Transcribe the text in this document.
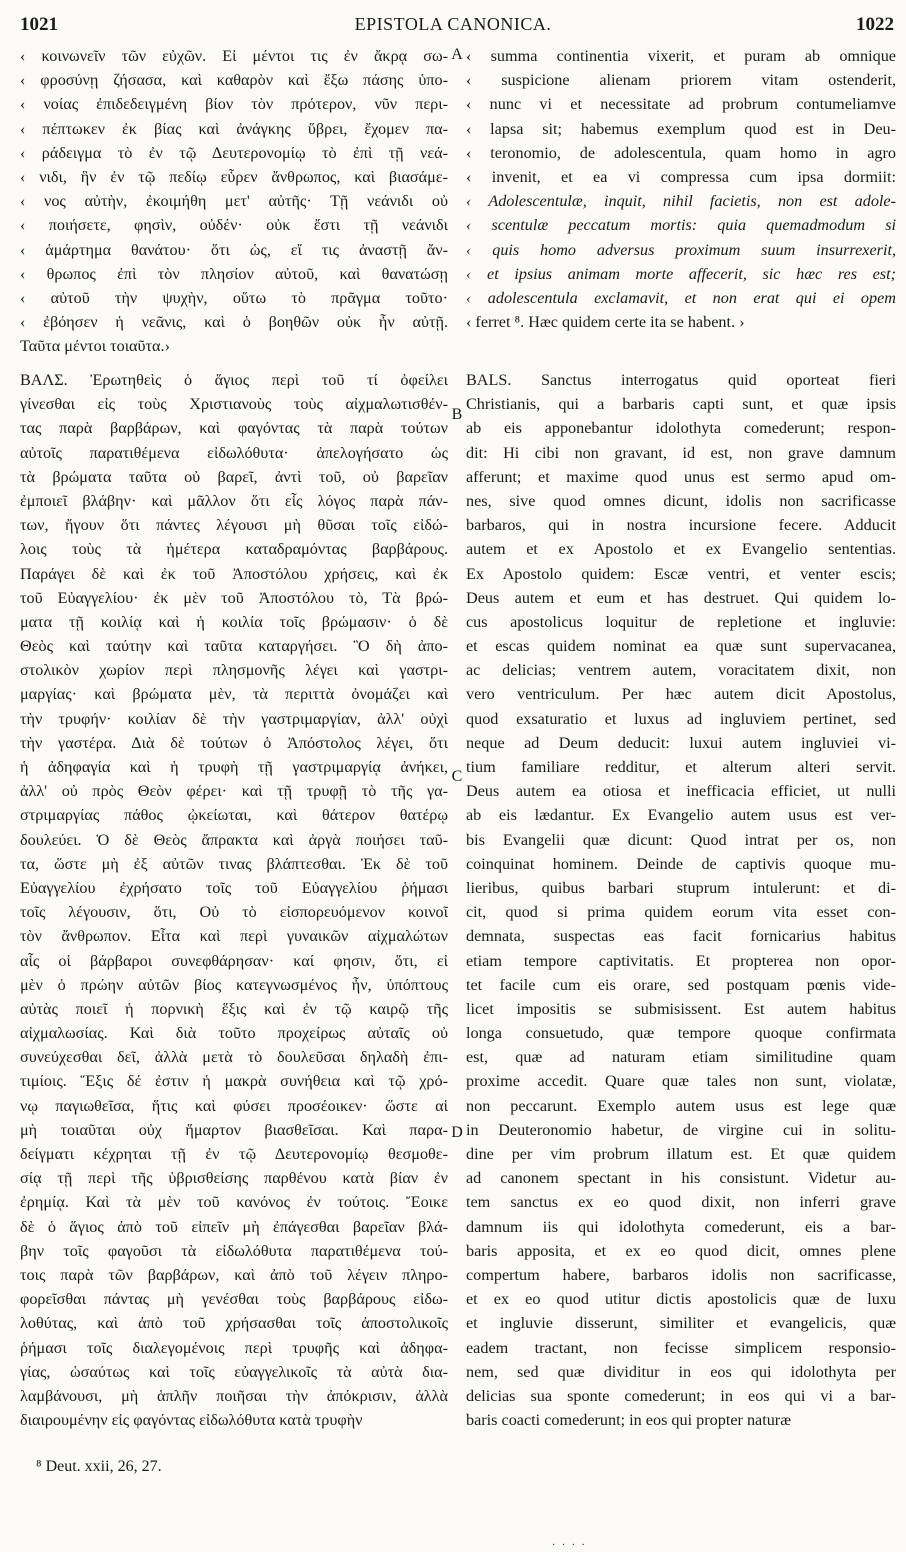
1021	EPISTOLA CANONICA.	1022
‹ κοινωνεῖν τῶν εὐχῶν. Εἰ μέντοι τις ἐν ἄκρᾳ σω-
‹ φροσύνῃ ζήσασα, καὶ καθαρὸν καὶ ἔξω πάσης ὑπο-
‹ νοίας ἐπιδεδειγμένη βίον τὸν πρότερον, νῦν περι-
‹ πέπτωκεν ἐκ βίας καὶ ἀνάγκης ὕβρει, ἔχομεν πα-
‹ ράδειγμα τὸ ἐν τῷ Δευτερονομίῳ τὸ ἐπὶ τῇ νεά-
‹ νιδι, ἣν ἐν τῷ πεδίῳ εὗρεν ἄνθρωπος, καὶ βιασάμε-
‹ νος αὐτὴν, ἐκοιμήθη μετ' αὐτῆς· Τῇ νεάνιδι οὐ
‹ ποιήσετε, φησὶν, οὐδέν· οὐκ ἔστι τῇ νεάνιδι
‹ ἁμάρτημα θανάτου· ὅτι ὡς, εἴ τις ἀναστῇ ἄν-
‹ θρωπος ἐπὶ τὸν πλησίον αὐτοῦ, καὶ θανατώσῃ
‹ αὐτοῦ τὴν ψυχὴν, οὕτω τὸ πρᾶγμα τοῦτο·
‹ ἐβόησεν ἡ νεᾶνις, καὶ ὁ βοηθῶν οὐκ ἦν αὐτῇ.
Ταῦτα μέντοι τοιαῦτα.›
ΒΑΛΣ. Ἐρωτηθεὶς ὁ ἅγιος περὶ τοῦ τί ὀφείλει
γίνεσθαι εἰς τοὺς Χριστιανοὺς τοὺς αἰχμαλωτισθέν-
τας παρὰ βαρβάρων, καὶ φαγόντας τὰ παρὰ τούτων
αὐτοῖς παρατιθέμενα εἰδωλόθυτα· ἀπελογήσατο ὡς
τὰ βρώματα ταῦτα οὐ βαρεῖ, ἀντὶ τοῦ, οὐ βαρεῖαν
ἐμποιεῖ βλάβην· καὶ μᾶλλον ὅτι εἷς λόγος παρὰ πάν-
των, ἤγουν ὅτι πάντες λέγουσι μὴ θῦσαι τοῖς εἰδώ-
λοις τοὺς τὰ ἡμέτερα καταδραμόντας βαρβάρους.
Παράγει δὲ καὶ ἐκ τοῦ Ἀποστόλου χρήσεις, καὶ ἐκ
τοῦ Εὐαγγελίου· ἐκ μὲν τοῦ Ἀποστόλου τὸ, Τὰ βρώ-
ματα τῇ κοιλίᾳ καὶ ἡ κοιλία τοῖς βρώμασιν· ὁ δὲ
Θεὸς καὶ ταύτην καὶ ταῦτα καταργήσει. Ὃ δὴ ἀπο-
στολικὸν χωρίον περὶ πλησμονῆς λέγει καὶ γαστρι-
μαργίας· καὶ βρώματα μὲν, τὰ περιττὰ ὀνομάζει καὶ
τὴν τρυφήν· κοιλίαν δὲ τὴν γαστριμαργίαν, ἀλλ' οὐχὶ
τὴν γαστέρα. Διὰ δὲ τούτων ὁ Ἀπόστολος λέγει, ὅτι
ἡ ἀδηφαγία καὶ ἡ τρυφὴ τῇ γαστριμαργίᾳ ἀνήκει,
ἀλλ' οὐ πρὸς Θεὸν φέρει· καὶ τῇ τρυφῇ τὸ τῆς γα-
στριμαργίας πάθος ᾠκείωται, καὶ θάτερον θατέρῳ
δουλεύει. Ὁ δὲ Θεὸς ἄπρακτα καὶ ἀργὰ ποιήσει ταῦ-
τα, ὥστε μὴ ἐξ αὐτῶν τινας βλάπτεσθαι. Ἐκ δὲ τοῦ
Εὐαγγελίου ἐχρήσατο τοῖς τοῦ Εὐαγγελίου ῥήμασι
τοῖς λέγουσιν, ὅτι, Οὐ τὸ εἰσπορευόμενον κοινοῖ
τὸν ἄνθρωπον. Εἶτα καὶ περὶ γυναικῶν αἰχμαλώτων
αἷς οἱ βάρβαροι συνεφθάρησαν· καί φησιν, ὅτι, εἰ
μὲν ὁ πρώην αὐτῶν βίος κατεγνωσμένος ἦν, ὑπόπτους
αὐτὰς ποιεῖ ἡ πορνικὴ ἕξις καὶ ἐν τῷ καιρῷ τῆς
αἰχμαλωσίας. Καὶ διὰ τοῦτο προχείρως αὐταῖς οὐ
συνεύχεσθαι δεῖ, ἀλλὰ μετὰ τὸ δουλεῦσαι δηλαδὴ ἐπι-
τιμίοις. Ἕξις δέ ἐστιν ἡ μακρὰ συνήθεια καὶ τῷ χρό-
νῳ παγιωθεῖσα, ἥτις καὶ φύσει προσέοικεν· ὥστε αἱ
μὴ τοιαῦται οὐχ ἥμαρτον βιασθεῖσαι. Καὶ παρα-
δείγματι κέχρηται τῇ ἐν τῷ Δευτερονομίῳ θεσμοθε-
σίᾳ τῇ περὶ τῆς ὑβρισθείσης παρθένου κατὰ βίαν ἐν
ἐρημίᾳ. Καὶ τὰ μὲν τοῦ κανόνος ἐν τούτοις. Ἔοικε
δὲ ὁ ἅγιος ἀπὸ τοῦ εἰπεῖν μὴ ἐπάγεσθαι βαρεῖαν βλά-
βην τοῖς φαγοῦσι τὰ εἰδωλόθυτα παρατιθέμενα τού-
τοις παρὰ τῶν βαρβάρων, καὶ ἀπὸ τοῦ λέγειν πληρο-
φορεῖσθαι πάντας μὴ γενέσθαι τοὺς βαρβάρους εἰδω-
λοθύτας, καὶ ἀπὸ τοῦ χρήσασθαι τοῖς ἀποστολικοῖς
ῥήμασι τοῖς διαλεγομένοις περὶ τρυφῆς καὶ ἀδηφα-
γίας, ὡσαύτως καὶ τοῖς εὐαγγελικοῖς τὰ αὐτὰ δια-
λαμβάνουσι, μὴ ἁπλῆν ποιῆσαι τὴν ἀπόκρισιν, ἀλλὰ
διαιρουμένην εἰς φαγόντας εἰδωλόθυτα κατὰ τρυφὴν
‹ summa continentia vixerit, et puram ab omnique
‹ suspicione alienam priorem vitam ostenderit,
‹ nunc vi et necessitate ad probrum contumeliamve
‹ lapsa sit; habemus exemplum quod est in Deu-
‹ teronomio, de adolescentula, quam homo in agro
‹ invenit, et ea vi compressa cum ipsa dormiit:
‹ Adolescentulæ, inquit, nihil facietis, non est adole-
‹ scentulæ peccatum mortis: quia quemadmodum si
‹ quis homo adversus proximum suum insurrexerit,
‹ et ipsius animam morte affecerit, sic hæc res est;
‹ adolescentula exclamavit, et non erat qui ei opem
‹ ferret ⁸. Hæc quidem certe ita se habent. ›
BALS. Sanctus interrogatus quid oporteat fieri
Christianis, qui a barbaris capti sunt, et quæ ipsis
ab eis apponebantur idolothyta comederunt; respon-
dit: Hi cibi non gravant, id est, non grave damnum
afferunt; et maxime quod unus est sermo apud om-
nes, sive quod omnes dicunt, idolis non sacrificasse
barbaros, qui in nostra incursione fecere. Adducit
autem et ex Apostolo et ex Evangelio sententias.
Ex Apostolo quidem: Escæ ventri, et venter escis;
Deus autem et eum et has destruet. Qui quidem lo-
cus apostolicus loquitur de repletione et ingluvie:
et escas quidem nominat ea quæ sunt supervacanea,
ac delicias; ventrem autem, voracitatem dixit, non
vero ventriculum. Per hæc autem dicit Apostolus,
quod exsaturatio et luxus ad ingluviem pertinet, sed
neque ad Deum deducit: luxui autem ingluviei vi-
tium familiare redditur, et alterum alteri servit.
Deus autem ea otiosa et inefficacia efficiet, ut nulli
ab eis lædantur. Ex Evangelio autem usus est ver-
bis Evangelii quæ dicunt: Quod intrat per os, non
coinquinat hominem. Deinde de captivis quoque mu-
lieribus, quibus barbari stuprum intulerunt: et di-
cit, quod si prima quidem eorum vita esset con-
demnata, suspectas eas facit fornicarius habitus
etiam tempore captivitatis. Et propterea non opor-
tet facile cum eis orare, sed postquam pœnis vide-
licet impositis se submisissent. Est autem habitus
longa consuetudo, quæ tempore quoque confirmata
est, quæ ad naturam etiam similitudine quam
proxime accedit. Quare quæ tales non sunt, violatæ,
non peccarunt. Exemplo autem usus est lege quæ
in Deuteronomio habetur, de virgine cui in solitu-
dine per vim probrum illatum est. Et quæ quidem
ad canonem spectant in his consistunt. Videtur au-
tem sanctus ex eo quod dixit, non inferri grave
damnum iis qui idolothyta comederunt, eis a bar-
baris apposita, et ex eo quod dicit, omnes plene
compertum habere, barbaros idolis non sacrificasse,
et ex eo quod utitur dictis apostolicis quæ de luxu
et ingluvie disserunt, similiter et evangelicis, quæ
eadem tractant, non fecisse simplicem responsio-
nem, sed quæ dividitur in eos qui idolothyta per
delicias sua sponte comederunt; in eos qui vi a bar-
baris coacti comederunt; in eos qui propter naturæ
A
B
C
D
⁸ Deut. xxii, 26, 27.
· · · ·
